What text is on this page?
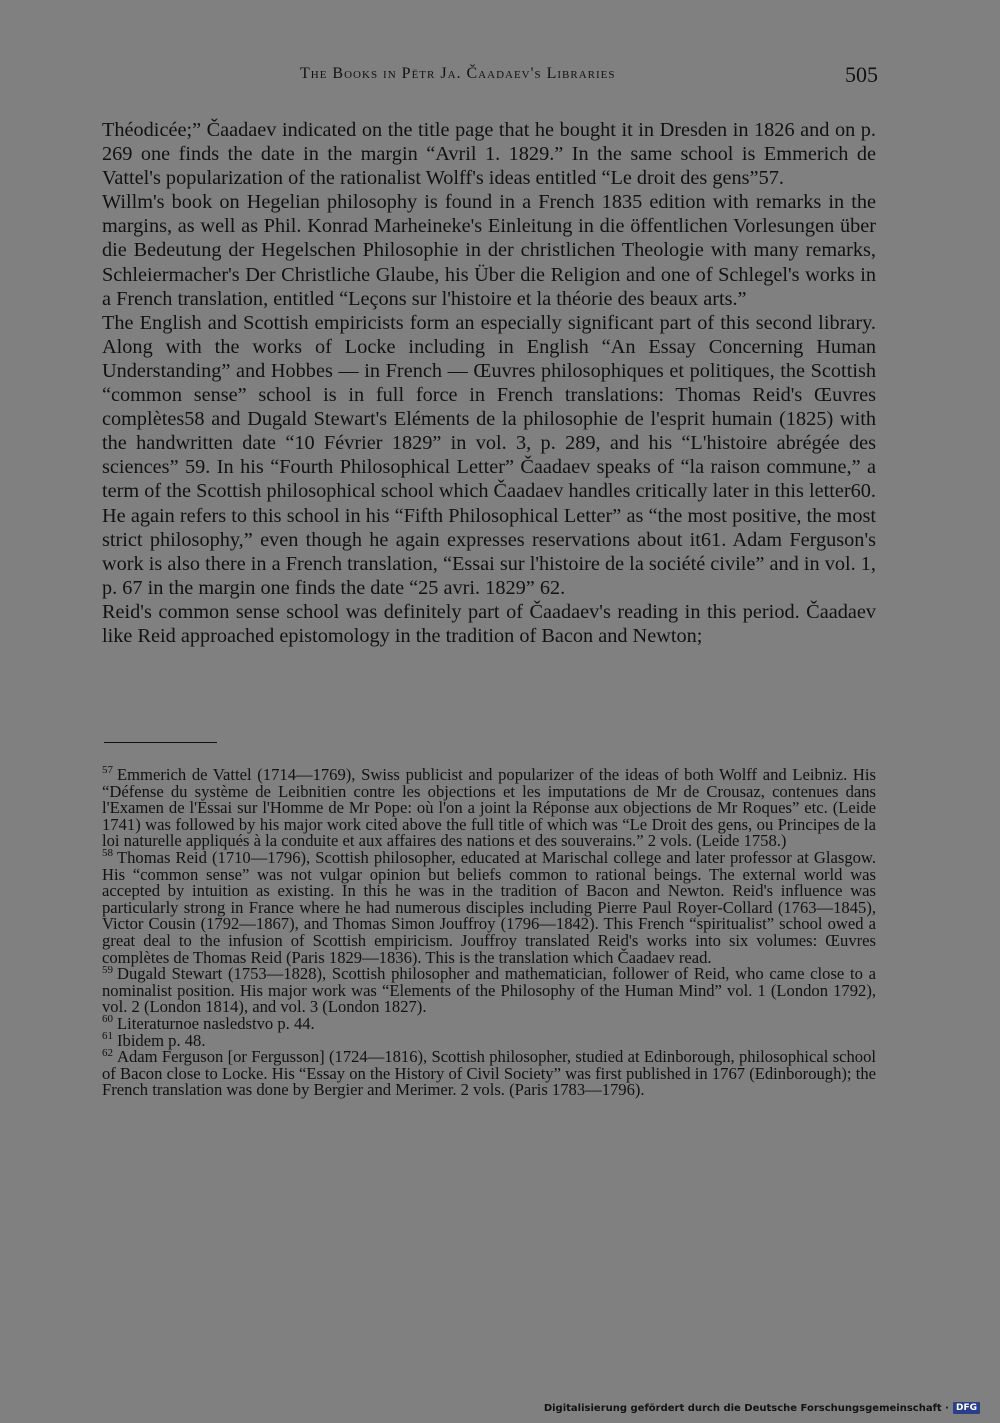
The Books in Pëtr Ja. Čaadaev's Libraries	505

Théodicée;” Čaadaev indicated on the title page that he bought it in Dresden in 1826 and on p. 269 one finds the date in the margin “Avril 1. 1829.” In the same school is Emmerich de Vattel's popularization of the rationalist Wolff's ideas entitled “Le droit des gens”57.

Willm's book on Hegelian philosophy is found in a French 1835 edition with remarks in the margins, as well as Phil. Konrad Marheineke's Einleitung in die öffentlichen Vorlesungen über die Bedeutung der Hegelschen Philosophie in der christlichen Theologie with many remarks, Schleiermacher's Der Christliche Glaube, his Über die Religion and one of Schlegel's works in a French translation, entitled “Leçons sur l'histoire et la théorie des beaux arts.”

The English and Scottish empiricists form an especially significant part of this second library. Along with the works of Locke including in English “An Essay Concerning Human Understanding” and Hobbes — in French — Œuvres philosophiques et politiques, the Scottish “common sense” school is in full force in French translations: Thomas Reid's Œuvres complètes58 and Dugald Stewart's Eléments de la philosophie de l'esprit humain (1825) with the handwritten date “10 Février 1829” in vol. 3, p. 289, and his “L'histoire abrégée des sciences” 59. In his “Fourth Philosophical Letter” Čaadaev speaks of “la raison commune,” a term of the Scottish philosophical school which Čaadaev handles critically later in this letter60. He again refers to this school in his “Fifth Philosophical Letter” as “the most positive, the most strict philosophy,” even though he again expresses reservations about it61. Adam Ferguson's work is also there in a French translation, “Essai sur l'histoire de la société civile” and in vol. 1, p. 67 in the margin one finds the date “25 avri. 1829” 62.

Reid's common sense school was definitely part of Čaadaev's reading in this period. Čaadaev like Reid approached epistomology in the tradition of Bacon and Newton;

$^{57}$ Emmerich de Vattel (1714—1769), Swiss publicist and popularizer of the ideas of both Wolff and Leibniz. His “Défense du système de Leibnitien contre les objections et les imputations de Mr de Crousaz, contenues dans l'Examen de l'Essai sur l'Homme de Mr Pope: où l'on a joint la Réponse aux objections de Mr Roques” etc. (Leide 1741) was followed by his major work cited above the full title of which was “Le Droit des gens, ou Principes de la loi naturelle appliqués à la conduite et aux affaires des nations et des souverains.” 2 vols. (Leide 1758.)

$^{58}$ Thomas Reid (1710—1796), Scottish philosopher, educated at Marischal college and later professor at Glasgow. His “common sense” was not vulgar opinion but beliefs common to rational beings. The external world was accepted by intuition as existing. In this he was in the tradition of Bacon and Newton. Reid's influence was particularly strong in France where he had numerous disciples including Pierre Paul Royer-Collard (1763—1845), Victor Cousin (1792—1867), and Thomas Simon Jouffroy (1796—1842). This French “spiritualist” school owed a great deal to the infusion of Scottish empiricism. Jouffroy translated Reid's works into six volumes: Œuvres complètes de Thomas Reid (Paris 1829—1836). This is the translation which Čaadaev read.

$^{59}$ Dugald Stewart (1753—1828), Scottish philosopher and mathematician, follower of Reid, who came close to a nominalist position. His major work was “Elements of the Philosophy of the Human Mind” vol. 1 (London 1792), vol. 2 (London 1814), and vol. 3 (London 1827).

$^{60}$ Literaturnoe nasledstvo p. 44.

$^{61}$ Ibidem p. 48.

$^{62}$ Adam Ferguson [or Fergusson] (1724—1816), Scottish philosopher, studied at Edinborough, philosophical school of Bacon close to Locke. His “Essay on the History of Civil Society” was first published in 1767 (Edinborough); the French translation was done by Bergier and Merimer. 2 vols. (Paris 1783—1796).

Digitalisierung gefördert durch die Deutsche Forschungsgemeinschaft · DFG
